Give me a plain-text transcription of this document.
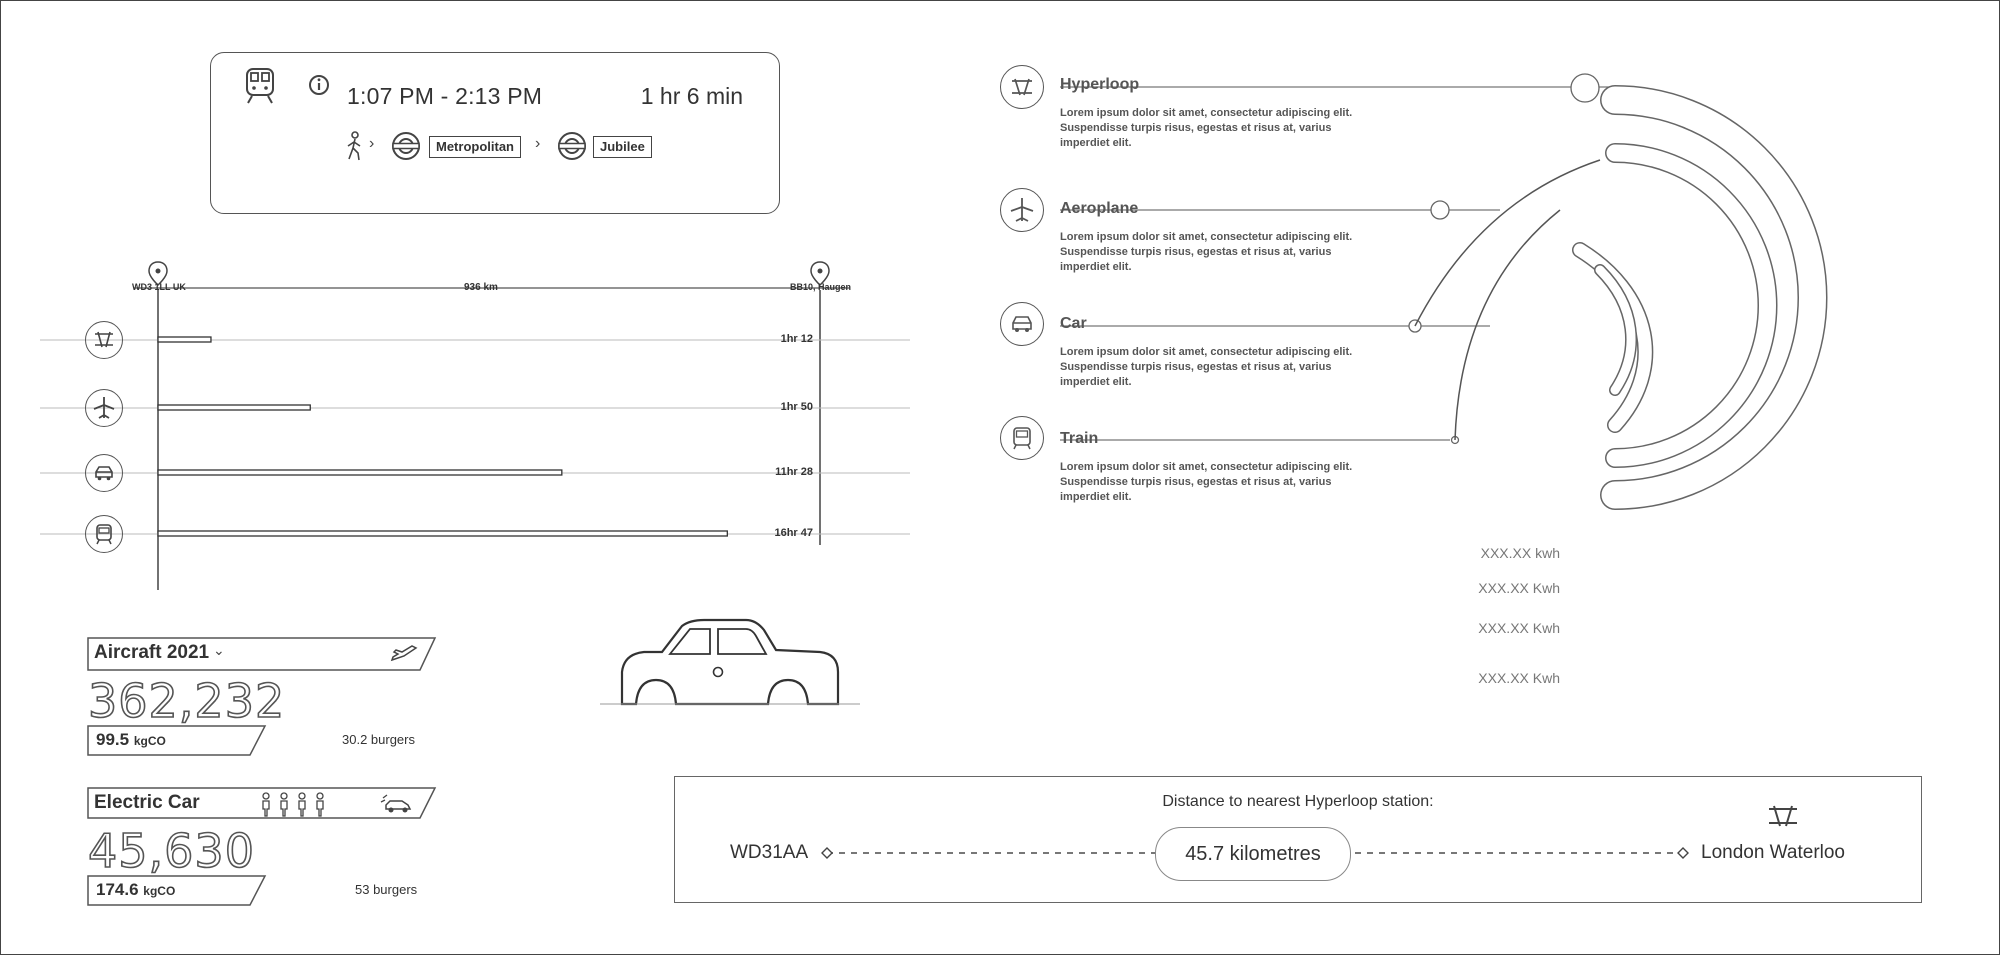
1:07 PM - 2:13 PM	1 hr 6 min
›	Metropolitan	›	Jubilee
WD3 1LL UK	936 km	BB10, Haugen
1hr 12
1hr 50
11hr 28
16hr 47
Aircraft 2021 ⌄
362,232
99.5 kgCO	30.2 burgers
Electric Car
45,630
174.6 kgCO	53 burgers
Hyperloop
Lorem ipsum dolor sit amet, consectetur adipiscing elit. Suspendisse turpis risus, egestas et risus at, varius imperdiet elit.
Aeroplane
Lorem ipsum dolor sit amet, consectetur adipiscing elit. Suspendisse turpis risus, egestas et risus at, varius imperdiet elit.
Car
Lorem ipsum dolor sit amet, consectetur adipiscing elit. Suspendisse turpis risus, egestas et risus at, varius imperdiet elit.
Train
Lorem ipsum dolor sit amet, consectetur adipiscing elit. Suspendisse turpis risus, egestas et risus at, varius imperdiet elit.
XXX.XX kwh
XXX.XX Kwh
XXX.XX Kwh
XXX.XX Kwh
Distance to nearest Hyperloop station:
WD31AA	45.7 kilometres	London Waterloo
